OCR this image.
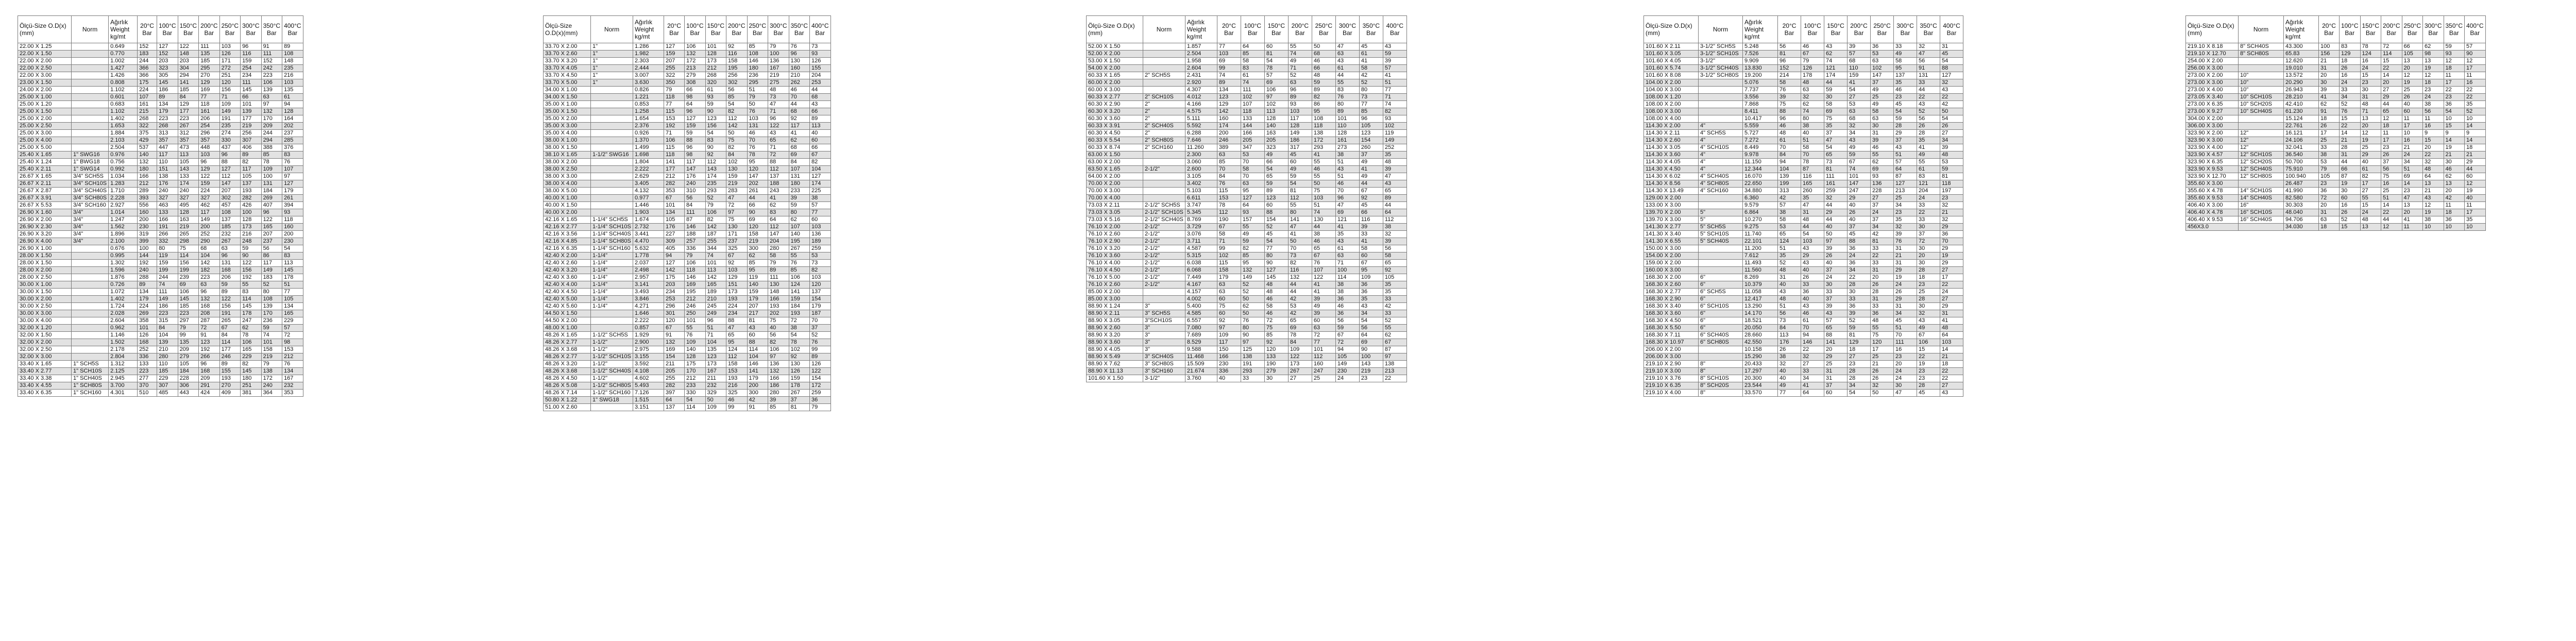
Ölçü-Size O.D(x)(mm)	Norm	Ağırlık Weight kg/mt	20°C Bar	100°C Bar	150°C Bar	200°C Bar	250°C Bar	300°C Bar	350°C Bar	400°C Bar
22.00 X 1.25		0.649	152	127	122	111	103	96	91	89
22.00 X 1.50		0.770	183	152	148	135	126	116	111	108
22.00 X 2.00		1.002	244	203	203	185	171	159	152	148
22.00 X 2.50		1.427	366	323	304	295	272	254	242	235
22.00 X 3.00		1.426	366	305	294	270	251	234	223	216
23.00 X 1.50		0.808	175	145	141	129	120	111	106	103
24.00 X 2.00		1.102	224	186	185	169	156	145	139	135
25.00 X 1.00		0.601	107	89	84	77	71	66	63	61
25.00 X 1.20		0.683	161	134	129	118	109	101	97	94
25.00 X 1.50		1.102	215	179	177	161	149	139	132	128
25.00 X 2.00		1.402	268	223	223	206	191	177	170	164
25.00 X 2.50		1.653	322	268	267	254	235	219	209	202
25.00 X 3.00		1.884	375	313	312	296	274	256	244	237
25.00 X 4.00		2.103	429	357	357	357	330	307	294	285
25.00 X 5.00		2.504	537	447	473	448	437	406	388	376
25.40 X 1.65	1" SWG16	0.976	140	117	113	103	96	89	85	83
25.40 X 1.24	1" BWG18	0.756	132	110	105	96	88	82	78	76
25.40 X 2.11	1" SWG14	0.992	180	151	143	129	127	117	109	107
26.67 X 1.65	3/4" SCH5S	1.034	166	138	133	122	112	105	100	97
26.67 X 2.11	3/4" SCH10S	1.283	212	176	174	159	147	137	131	127
26.67 X 2.87	3/4" SCH40S	1.710	289	240	240	224	207	193	184	179
26.67 X 3.91	3/4" SCH80S	2.228	393	327	327	327	302	282	269	261
26.67 X 5.53	3/4" SCH160	2.927	556	463	495	462	457	426	407	394
26.90 X 1.60	3/4"	1.014	160	133	128	117	108	100	96	93
26.90 X 2.00	3/4"	1.247	200	166	163	149	137	128	122	118
26.90 X 2.30	3/4"	1.562	230	191	219	200	185	173	165	160
26.90 X 3.20	3/4"	1.896	319	266	265	252	232	216	207	200
26.90 X 4.00	3/4"	2.100	399	332	298	290	267	248	237	230
26.90 X 1.00		0.676	100	80	75	68	63	59	56	54
28.00 X 1.50		0.995	144	119	114	104	96	90	86	83
28.00 X 1.50		1.302	192	159	156	142	131	122	117	113
28.00 X 2.00		1.596	240	199	199	182	168	156	149	145
28.00 X 2.50		1.876	288	244	239	223	206	192	183	178
30.00 X 1.00		0.726	89	74	69	63	59	55	52	51
30.00 X 1.50		1.072	134	111	106	96	89	83	80	77
30.00 X 2.00		1.402	179	149	145	132	122	114	108	105
30.00 X 2.50		1.724	224	186	185	168	156	145	139	134
30.00 X 3.00		2.028	269	223	223	208	191	178	170	165
30.00 X 4.00		2.604	358	315	297	287	265	247	236	229
32.00 X 1.20		0.962	101	84	79	72	67	62	59	57
32.00 X 1.50		1.146	126	104	99	91	84	78	74	72
32.00 X 2.00		1.502	168	139	135	123	114	106	101	98
32.00 X 2.50		2.178	252	210	209	192	177	165	158	153
32.00 X 3.00		2.804	336	280	279	266	246	229	219	212
33.40 X 1.65	1" SCH5S	1.312	133	110	105	96	89	82	79	76
33.40 X 2.77	1" SCH10S	2.125	223	185	184	168	155	145	138	134
33.40 X 3.38	1" SCH40S	2.945	277	229	228	209	193	180	172	167
33.40 X 4.55	1" SCH80S	3.700	370	307	306	291	270	251	240	232
33.40 X 6.35	1" SCH160	4.301	510	485	443	424	409	381	364	353
Ölçü-Size O.D(x)(mm)	Norm	Ağırlık Weight kg/mt	20°C Bar	100°C Bar	150°C Bar	200°C Bar	250°C Bar	300°C Bar	350°C Bar	400°C Bar
33.70 X 2.00	1"	1.286	127	106	101	92	85	79	76	73
33.70 X 2.60	1"	1.982	159	132	128	116	108	100	96	93
33.70 X 3.20	1"	2.303	207	172	173	158	146	136	130	126
33.70 X 4.05	1"	2.444	255	213	212	195	180	167	160	155
33.70 X 4.50	1"	3.007	322	279	268	256	236	219	210	204
33.70 X 5.00	1"	3.630	350	308	320	302	295	275	262	253
34.00 X 1.00		0.826	79	66	61	56	51	48	46	44
34.00 X 1.50		1.221	118	98	93	85	79	73	70	68
35.00 X 1.00		0.853	77	64	59	54	50	47	44	43
35.00 X 1.50		1.258	115	96	90	82	76	71	68	66
35.00 X 2.00		1.654	153	127	123	112	103	96	92	89
35.00 X 3.00		2.376	192	159	156	142	131	122	117	113
35.00 X 4.00		0.926	71	59	54	50	46	43	41	40
38.00 X 1.00		1.370	106	88	83	75	70	65	62	60
38.00 X 1.50		1.499	115	96	90	82	76	71	68	66
38.10 X 1.65	1-1/2" SWG16	1.698	118	98	92	84	78	72	69	67
38.00 X 2.00		1.804	141	117	112	102	95	88	84	82
38.00 X 2.50		2.222	177	147	143	130	120	112	107	104
38.00 X 3.00		2.629	212	176	174	159	147	137	131	127
38.00 X 4.00		3.405	282	240	235	219	202	188	180	174
38.00 X 5.00		4.132	353	310	293	283	261	243	233	225
40.00 X 1.00		0.977	67	56	52	47	44	41	39	38
40.00 X 1.50		1.446	101	84	79	72	66	62	59	57
40.00 X 2.00		1.903	134	111	106	97	90	83	80	77
42.16 X 1.65	1-1/4" SCH5S	1.674	105	87	82	75	69	64	62	60
42.16 X 2.77	1-1/4" SCH10S	2.732	176	146	142	130	120	112	107	103
42.16 X 3.56	1-1/4" SCH40S	3.441	227	188	187	171	158	147	140	136
42.16 X 4.85	1-1/4" SCH80S	4.470	309	257	255	237	219	204	195	189
42.16 X 6.35	1-1/4" SCH160	5.632	405	336	344	325	300	280	267	259
42.40 X 2.00	1-1/4"	1.778	94	79	74	67	62	58	55	53
42.40 X 2.60	1-1/4"	2.037	127	106	101	92	85	79	76	73
42.40 X 3.20	1-1/4"	2.498	142	118	113	103	95	89	85	82
42.40 X 3.60	1-1/4"	2.957	175	146	142	129	119	111	106	103
42.40 X 4.00	1-1/4"	3.141	203	169	165	151	140	130	124	120
42.40 X 4.50	1-1/4"	3.493	234	195	189	173	159	148	141	137
42.40 X 5.00	1-1/4"	3.846	253	212	210	193	179	166	159	154
42.40 X 5.60	1-1/4"	4.271	296	246	245	224	207	193	184	179
44.50 X 1.50		1.646	301	250	249	234	217	202	193	187
44.50 X 2.00		2.222	120	101	96	88	81	75	72	70
48.00 X 1.00		0.857	67	55	51	47	43	40	38	37
48.26 X 1.65	1-1/2" SCH5S	1.929	91	76	71	65	60	56	54	52
48.26 X 2.77	1-1/2"	2.900	132	109	104	95	88	82	78	76
48.26 X 3.68	1-1/2"	2.975	169	140	135	124	114	106	102	99
48.26 X 2.77	1-1/2" SCH10S	3.155	154	128	123	112	104	97	92	89
48.26 X 3.20	1-1/2"	3.592	211	175	173	158	146	136	130	126
48.26 X 3.68	1-1/2" SCH40S	4.108	205	170	167	153	141	132	126	122
48.26 X 4.50	1-1/2"	4.602	255	212	211	193	179	166	159	154
48.26 X 5.08	1-1/2" SCH80S	5.493	282	233	232	216	200	186	178	172
48.26 X 7.14	1-1/2" SCH160	7.126	397	330	329	325	300	280	267	259
50.80 X 1.22	1" SWG18	1.515	64	54	50	46	42	39	37	36
51.00 X 2.60		3.151	137	114	109	99	91	85	81	79
Ölçü-Size O.D(x)(mm)	Norm	Ağırlık Weight kg/mt	20°C Bar	100°C Bar	150°C Bar	200°C Bar	250°C Bar	300°C Bar	350°C Bar	400°C Bar
52.00 X 1.50		1.857	77	64	60	55	50	47	45	43
52.00 X 2.00		2.504	103	85	81	74	68	63	61	59
53.00 X 1.50		1.958	69	58	54	49	46	43	41	39
54.00 X 2.00		2.604	99	83	78	71	66	61	58	57
60.33 X 1.65	2" SCH5S	2.431	74	61	57	52	48	44	42	41
60.00 X 2.00		2.920	89	74	69	63	59	55	52	51
60.00 X 3.00		4.307	134	111	106	96	89	83	80	77
60.33 X 2.77	2" SCH10S	4.012	123	102	97	89	82	76	73	71
60.30 X 2.90	2"	4.166	129	107	102	93	86	80	77	74
60.30 X 3.20	2"	4.575	142	118	113	103	95	89	85	82
60.30 X 3.60	2"	5.111	160	133	128	117	108	101	96	93
60.33 X 3.91	2" SCH40S	5.592	174	144	140	128	118	110	105	102
60.30 X 4.50	2"	6.288	200	166	163	149	138	128	123	119
60.33 X 5.54	2" SCH80S	7.646	246	205	205	186	172	161	154	149
60.33 X 8.74	2" SCH160	11.260	389	347	323	317	293	273	260	252
63.00 X 1.50		2.300	63	53	49	45	41	38	37	35
63.00 X 2.00		3.060	85	70	66	60	55	51	49	48
63.50 X 1.65	2-1/2"	2.600	70	58	54	49	46	43	41	39
64.00 X 2.00		3.105	84	70	65	59	55	51	49	47
70.00 X 2.00		3.402	76	63	59	54	50	46	44	43
70.00 X 3.00		5.103	115	95	89	81	75	70	67	65
70.00 X 4.00		6.611	153	127	123	112	103	96	92	89
73.03 X 2.11	2-1/2" SCH5S	3.747	78	64	60	55	51	47	45	44
73.03 X 3.05	2-1/2" SCH10S	5.345	112	93	88	80	74	69	66	64
73.03 X 5.16	2-1/2" SCH40S	8.769	190	157	154	141	130	121	116	112
76.10 X 2.00	2-1/2"	3.729	67	55	52	47	44	41	39	38
76.10 X 2.60	2-1/2"	3.076	58	49	45	41	38	35	33	32
76.10 X 2.90	2-1/2"	3.711	71	59	54	50	46	43	41	39
76.10 X 3.20	2-1/2"	4.587	99	82	77	70	65	61	58	56
76.10 X 3.60	2-1/2"	5.315	102	85	80	73	67	63	60	58
76.10 X 4.00	2-1/2"	6.038	115	95	90	82	76	71	67	65
76.10 X 4.50	2-1/2"	6.068	158	132	127	116	107	100	95	92
76.10 X 5.00	2-1/2"	7.449	179	149	145	132	122	114	109	105
76.10 X 2.60	2-1/2"	4.167	63	52	48	44	41	38	36	35
85.00 X 2.00		4.157	63	52	48	44	41	38	36	35
85.00 X 3.00		4.002	60	50	46	42	39	36	35	33
88.90 X 1.24	3"	5.400	75	62	58	53	49	46	43	42
88.90 X 2.11	3" SCH5S	4.585	60	50	46	42	39	36	34	33
88.90 X 3.05	3"SCH10S	6.557	92	76	72	65	60	56	54	52
88.90 X 2.60	3"	7.080	97	80	75	69	63	59	56	55
88.90 X 3.20	3"	7.689	109	90	85	78	72	67	64	62
88.90 X 3.60	3"	8.529	117	97	92	84	77	72	69	67
88.90 X 4.05	3"	9.588	150	125	120	109	101	94	90	87
88.90 X 5.49	3" SCH40S	11.468	166	138	133	122	112	105	100	97
88.90 X 7.62	3" SCH80S	15.509	230	191	190	173	160	149	143	138
88.90 X 11.13	3" SCH160	21.674	336	293	279	267	247	230	219	213
101.60 X 1.50	3-1/2"	3.760	40	33	30	27	25	24	23	22
Ölçü-Size O.D(x)(mm)	Norm	Ağırlık Weight kg/mt	20°C Bar	100°C Bar	150°C Bar	200°C Bar	250°C Bar	300°C Bar	350°C Bar	400°C Bar
101.60 X 2.11	3-1/2" SCH5S	5.248	56	46	43	39	36	33	32	31
101.60 X 3.05	3-1/2" SCH10S	7.526	81	67	62	57	53	49	47	45
101.60 X 4.05	3-1/2"	9.909	96	79	74	68	63	58	56	54
101.60 X 5.74	3-1/2" SCH40S	13.830	152	126	121	110	102	95	91	88
101.60 X 8.08	3-1/2" SCH80S	19.200	214	178	174	159	147	137	131	127
104.00 X 2.00		5.076	58	48	44	41	37	35	33	32
104.00 X 3.00		7.737	76	63	59	54	49	46	44	43
108.00 X 1.20		3.556	39	32	30	27	25	23	22	22
108.00 X 2.00		7.868	75	62	58	53	49	45	43	42
108.00 X 3.00		8.411	88	74	69	63	58	54	52	50
108.00 X 4.00		10.417	96	80	75	68	63	59	56	54
114.30 X 2.00	4"	5.559	46	38	35	32	30	28	26	26
114.30 X 2.11	4" SCH5S	5.727	48	40	37	34	31	29	28	27
114.30 X 2.60	4"	7.272	61	51	47	43	39	37	35	34
114.30 X 3.05	4" SCH10S	8.449	70	58	54	49	46	43	41	39
114.30 X 3.60	4"	9.978	84	70	65	59	55	51	49	48
114.30 X 4.05	4"	11.150	94	78	73	67	62	57	55	53
114.30 X 4.50	4"	12.344	104	87	81	74	69	64	61	59
114.30 X 6.02	4" SCH40S	16.070	139	116	111	101	93	87	83	81
114.30 X 8.56	4" SCH80S	22.650	199	165	161	147	136	127	121	118
114.30 X 13.49	4" SCH160	34.880	313	260	259	247	228	213	204	197
129.00 X 2.00		6.360	42	35	32	29	27	25	24	23
133.00 X 3.00		9.579	57	47	44	40	37	34	33	32
139.70 X 2.00	5"	6.864	38	31	29	26	24	23	22	21
139.70 X 3.00	5"	10.270	58	48	44	40	37	35	33	32
141.30 X 2.77	5" SCH5S	9.275	53	44	40	37	34	32	30	29
141.30 X 3.40	5" SCH10S	11.740	65	54	50	45	42	39	37	36
141.30 X 6.55	5" SCH40S	22.101	124	103	97	88	81	76	72	70
150.00 X 3.00		11.200	51	43	39	36	33	31	30	29
154.00 X 2.00		7.612	35	29	26	24	22	21	20	19
159.00 X 2.00		11.493	52	43	40	36	33	31	30	29
160.00 X 3.00		11.560	48	40	37	34	31	29	28	27
168.30 X 2.00	6"	8.269	31	26	24	22	20	19	18	17
168.30 X 2.60	6"	10.379	40	33	30	28	26	24	23	22
168.30 X 2.77	6" SCH5S	11.058	43	36	33	30	28	26	25	24
168.30 X 2.90	6"	12.417	48	40	37	33	31	29	28	27
168.30 X 3.40	6" SCH10S	13.290	51	43	39	36	33	31	30	29
168.30 X 3.60	6"	14.170	56	46	43	39	36	34	32	31
168.30 X 4.50	6"	18.521	73	61	57	52	48	45	43	41
168.30 X 5.50	6"	20.050	84	70	65	59	55	51	49	48
168.30 X 7.11	6" SCH40S	28.660	113	94	88	81	75	70	67	64
168.30 X 10.97	6" SCH80S	42.550	176	146	141	129	120	111	106	103
206.00 X 2.00		10.158	26	22	20	18	17	16	15	14
206.00 X 3.00		15.290	38	32	29	27	25	23	22	21
219.10 X 2.90	8"	20.433	32	27	25	23	21	20	19	18
219.10 X 3.00	8"	17.297	40	33	31	28	26	24	23	22
219.10 X 3.76	8" SCH10S	20.300	40	34	31	28	26	24	23	22
219.10 X 6.35	8" SCH20S	23.544	49	41	37	34	32	30	28	27
219.10 X 4.00	8"	33.570	77	64	60	54	50	47	45	43
Ölçü-Size O.D(x)(mm)	Norm	Ağırlık Weight kg/mt	20°C Bar	100°C Bar	150°C Bar	200°C Bar	250°C Bar	300°C Bar	350°C Bar	400°C Bar
219.10 X 8.18	8" SCH40S	43.300	100	83	78	72	66	62	59	57
219.10 X 12.70	8" SCH80S	65.83	156	129	124	114	105	98	93	90
254.00 X 2.00		12.620	21	18	16	15	13	13	12	12
256.00 X 3.00		19.010	31	26	24	22	20	19	18	17
273.00 X 2.00	10"	13.572	20	16	15	14	12	12	11	11
273.00 X 3.00	10"	20.290	30	24	23	20	19	18	17	16
273.00 X 4.00	10"	26.943	39	33	30	27	25	23	22	22
273.05 X 3.40	10" SCH10S	28.210	41	34	31	29	26	24	23	22
273.00 X 6.35	10" SCH20S	42.410	62	52	48	44	40	38	36	35
273.00 X 9.27	10" SCH40S	61.230	91	76	71	65	60	56	54	52
304.00 X 2.00		15.124	18	15	13	12	11	11	10	10
306.00 X 3.00		22.761	26	22	20	18	17	16	15	14
323.90 X 2.00	12"	16.121	17	14	12	11	10	9	9	9
323.90 X 3.00	12"	24.106	25	21	19	17	16	15	14	14
323.90 X 4.00	12"	32.041	33	28	25	23	21	20	19	18
323.90 X 4.57	12" SCH10S	36.540	38	31	29	26	24	22	21	21
323.90 X 6.35	12" SCH20S	50.700	53	44	40	37	34	32	30	29
323.90 X 9.53	12" SCH40S	75.910	79	66	61	56	51	48	46	44
323.90 X 12.70	12" SCH80S	100.940	105	87	82	75	69	64	62	60
355.60 X 3.00		26.487	23	19	17	16	14	13	13	12
355.60 X 4.78	14" SCH10S	41.990	36	30	27	25	23	21	20	19
355.60 X 9.53	14" SCH40S	82.580	72	60	55	51	47	43	42	40
406.40 X 3.00	16"	30.303	20	16	15	14	13	12	11	11
406.40 X 4.78	16" SCH10S	48.040	31	26	24	22	20	19	18	17
406.40 X 9.53	16" SCH40S	94.706	63	52	48	44	41	38	36	35
456X3.0		34.030	18	15	13	12	11	10	10	10
